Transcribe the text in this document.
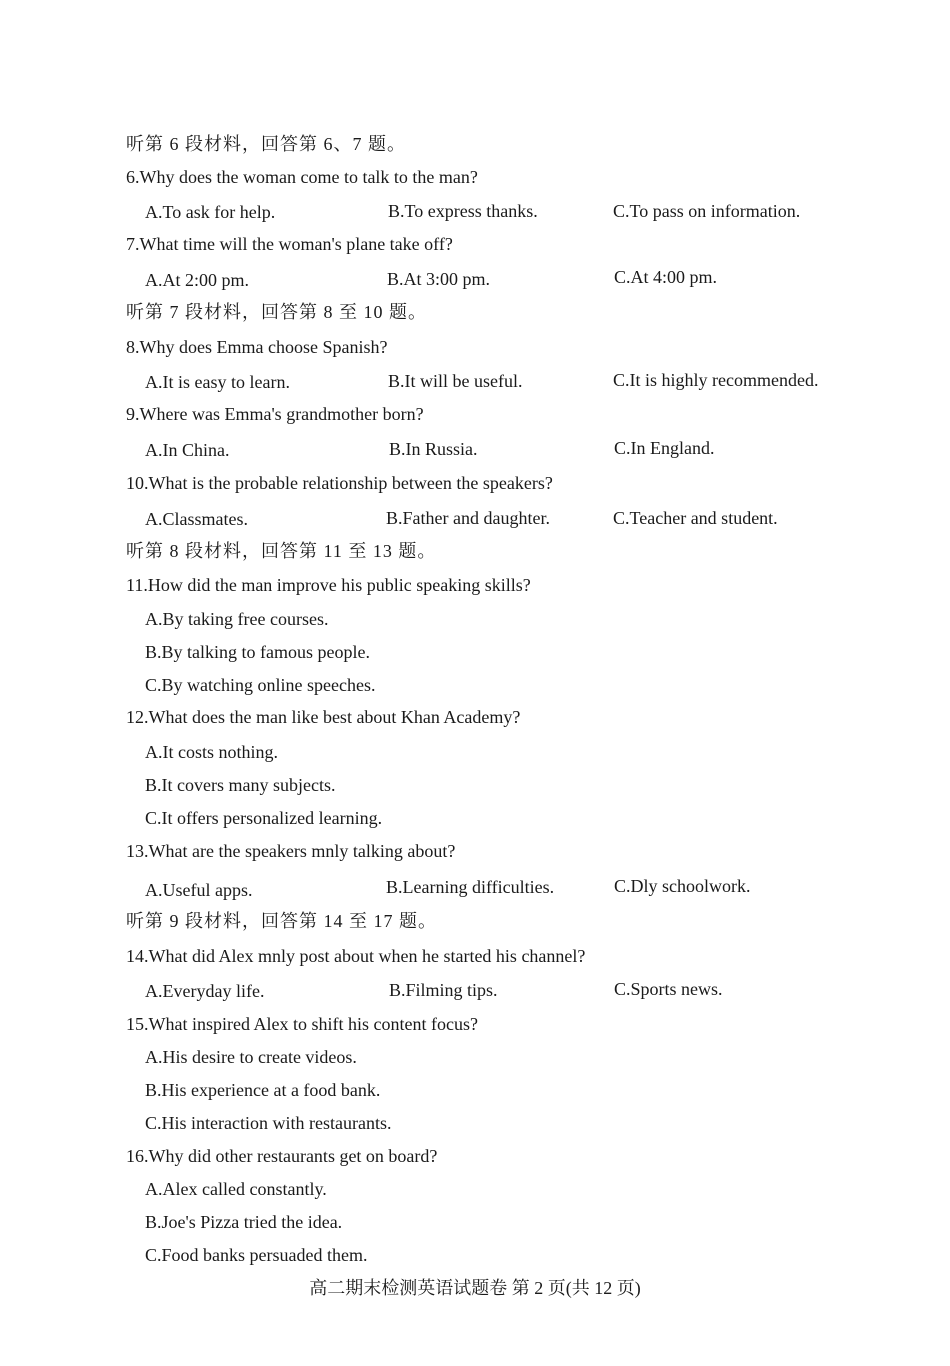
听第 6 段材料，回答第 6、7 题。
6.Why does the woman come to talk to the man?
A.To ask for help.	B.To express thanks.	C.To pass on information.
7.What time will the woman's plane take off?
A.At 2:00 pm.	B.At 3:00 pm.	C.At 4:00 pm.
听第 7 段材料，回答第 8 至 10 题。
8.Why does Emma choose Spanish?
A.It is easy to learn.	B.It will be useful.	C.It is highly recommended.
9.Where was Emma's grandmother born?
A.In China.	B.In Russia.	C.In England.
10.What is the probable relationship between the speakers?
A.Classmates.	B.Father and daughter.	C.Teacher and student.
听第 8 段材料，回答第 11 至 13 题。
11.How did the man improve his public speaking skills?
A.By taking free courses.
B.By talking to famous people.
C.By watching online speeches.
12.What does the man like best about Khan Academy?
A.It costs nothing.
B.It covers many subjects.
C.It offers personalized learning.
13.What are the speakers mnly talking about?
A.Useful apps.	B.Learning difficulties.	C.Dly schoolwork.
听第 9 段材料，回答第 14 至 17 题。
14.What did Alex mnly post about when he started his channel?
A.Everyday life.	B.Filming tips.	C.Sports news.
15.What inspired Alex to shift his content focus?
A.His desire to create videos.
B.His experience at a food bank.
C.His interaction with restaurants.
16.Why did other restaurants get on board?
A.Alex called constantly.
B.Joe's Pizza tried the idea.
C.Food banks persuaded them.
高二期末检测英语试题卷 第 2 页(共 12 页)
